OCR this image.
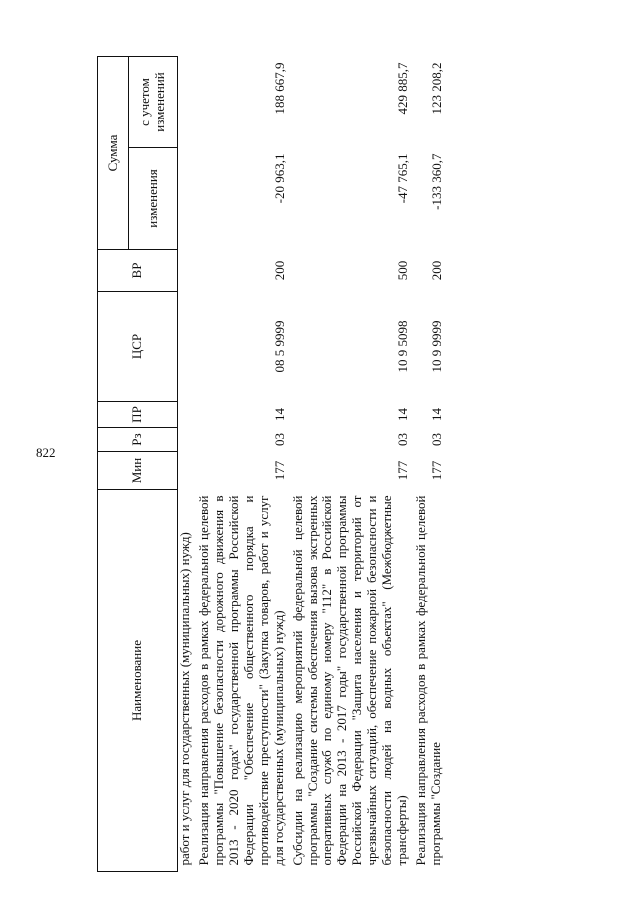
822
Наименование	Мин	Рз	ПР	ЦСР	ВР	Сумма	
						изменения	с учетом изменений
работ и услуг для государственных (муниципальных) нужд)							
Реализация направления расходов в рамках федеральной целевой программы "Повышение безопасности дорожного движения в 2013 - 2020 годах" государственной программы Российской Федерации "Обеспечение общественного порядка и противодействие преступности" (Закупка товаров, работ и услуг для государственных (муниципальных) нужд)	177	03	14	08 5 9999	200	-20 963,1	188 667,9
Субсидии на реализацию мероприятий федеральной целевой программы "Создание системы обеспечения вызова экстренных оперативных служб по единому номеру "112" в Российской Федерации на 2013 - 2017 годы" государственной программы Российской Федерации "Защита населения и территорий от чрезвычайных ситуаций, обеспечение пожарной безопасности и безопасности людей на водных объектах" (Межбюджетные трансферты)	177	03	14	10 9 5098	500	-47 765,1	429 885,7
Реализация направления расходов в рамках федеральной целевой программы "Создание	177	03	14	10 9 9999	200	-133 360,7	123 208,2
